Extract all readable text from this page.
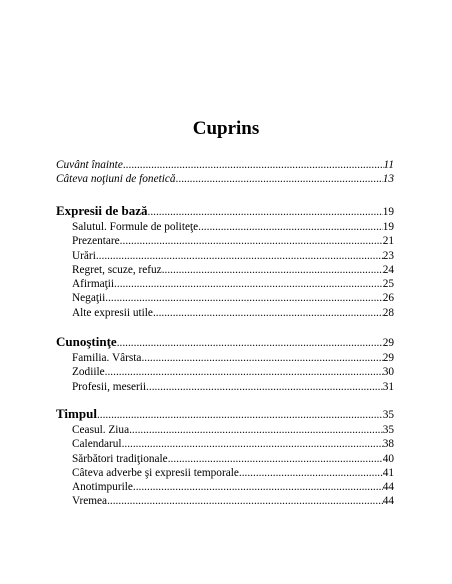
Cuprins
Cuvânt înainte .....	11
Câteva noţiuni de fonetică .....	13
Expresii de bază .....	19
Salutul. Formule de politeţe .....	19
Prezentare .....	21
Urări .....	23
Regret, scuze, refuz .....	24
Afirmaţii .....	25
Negaţii .....	26
Alte expresii utile .....	28
Cunoştinţe .....	29
Familia. Vârsta .....	29
Zodiile .....	30
Profesii, meserii .....	31
Timpul .....	35
Ceasul. Ziua .....	35
Calendarul .....	38
Sărbători tradiţionale .....	40
Câteva adverbe şi expresii temporale .....	41
Anotimpurile .....	44
Vremea .....	44
